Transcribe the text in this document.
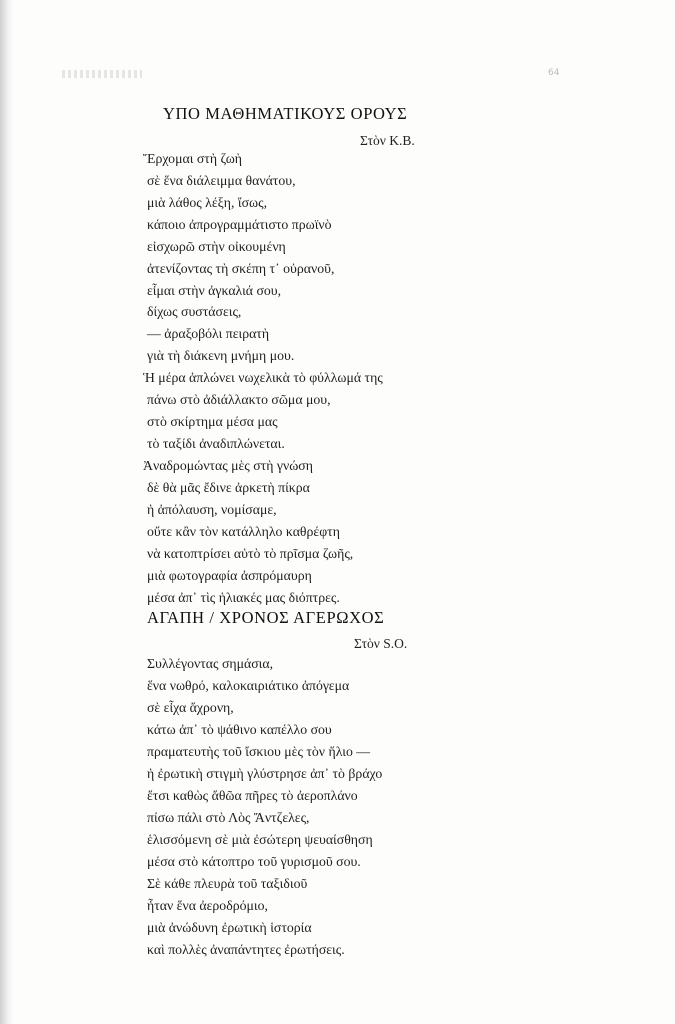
64
ΥΠΟ ΜΑΘΗΜΑΤΙΚΟΥΣ ΟΡΟΥΣ
Στὸν Κ.Β.
Ἔρχομαι στὴ ζωὴ
σὲ ἕνα διάλειμμα θανάτου,
μιὰ λάθος λέξη, ἴσως,
κάποιο ἀπρογραμμάτιστο πρωϊνὸ
εἰσχωρῶ στὴν οἰκουμένη
ἀτενίζοντας τὴ σκέπη τ᾽ οὐρανοῦ,
εἶμαι στὴν ἀγκαλιά σου,
δίχως συστάσεις,
— ἀραξοβόλι πειρατὴ
γιὰ τὴ διάκενη μνήμη μου.
Ἡ μέρα ἁπλώνει νωχελικὰ τὸ φύλλωμά της
πάνω στὸ ἀδιάλλακτο σῶμα μου,
στὸ σκίρτημα μέσα μας
τὸ ταξίδι ἀναδιπλώνεται.
Ἀναδρομώντας μὲς στὴ γνώση
δὲ θὰ μᾶς ἔδινε ἀρκετὴ πίκρα
ἡ ἀπόλαυση, νομίσαμε,
οὔτε κἂν τὸν κατάλληλο καθρέφτη
νὰ κατοπτρίσει αὐτὸ τὸ πρῖσμα ζωῆς,
μιὰ φωτογραφία ἀσπρόμαυρη
μέσα ἀπ᾽ τὶς ἡλιακές μας διόπτρες.
ΑΓΑΠΗ / ΧΡΟΝΟΣ ΑΓΕΡΩΧΟΣ
Στὸν S.O.
Συλλέγοντας σημάσια,
ἕνα νωθρό, καλοκαιριάτικο ἀπόγεμα
σὲ εἶχα ἄχρονη,
κάτω ἀπ᾽ τὸ ψάθινο καπέλλο σου
πραματευτὴς τοῦ ἴσκιου μὲς τὸν ἥλιο —
ἡ ἐρωτικὴ στιγμὴ γλύστρησε ἀπ᾽ τὸ βράχο
ἔτσι καθὼς ἄθῶα πῆρες τὸ ἀεροπλάνο
πίσω πάλι στὸ Λὸς Ἄντζελες,
ἑλισσόμενη σὲ μιὰ ἐσώτερη ψευαίσθηση
μέσα στὸ κάτοπτρο τοῦ γυρισμοῦ σου.
Σὲ κάθε πλευρὰ τοῦ ταξιδιοῦ
ἦταν ἕνα ἀεροδρόμιο,
μιὰ ἀνώδυνη ἐρωτικὴ ἱστορία
καὶ πολλὲς ἀναπάντητες ἐρωτήσεις.
